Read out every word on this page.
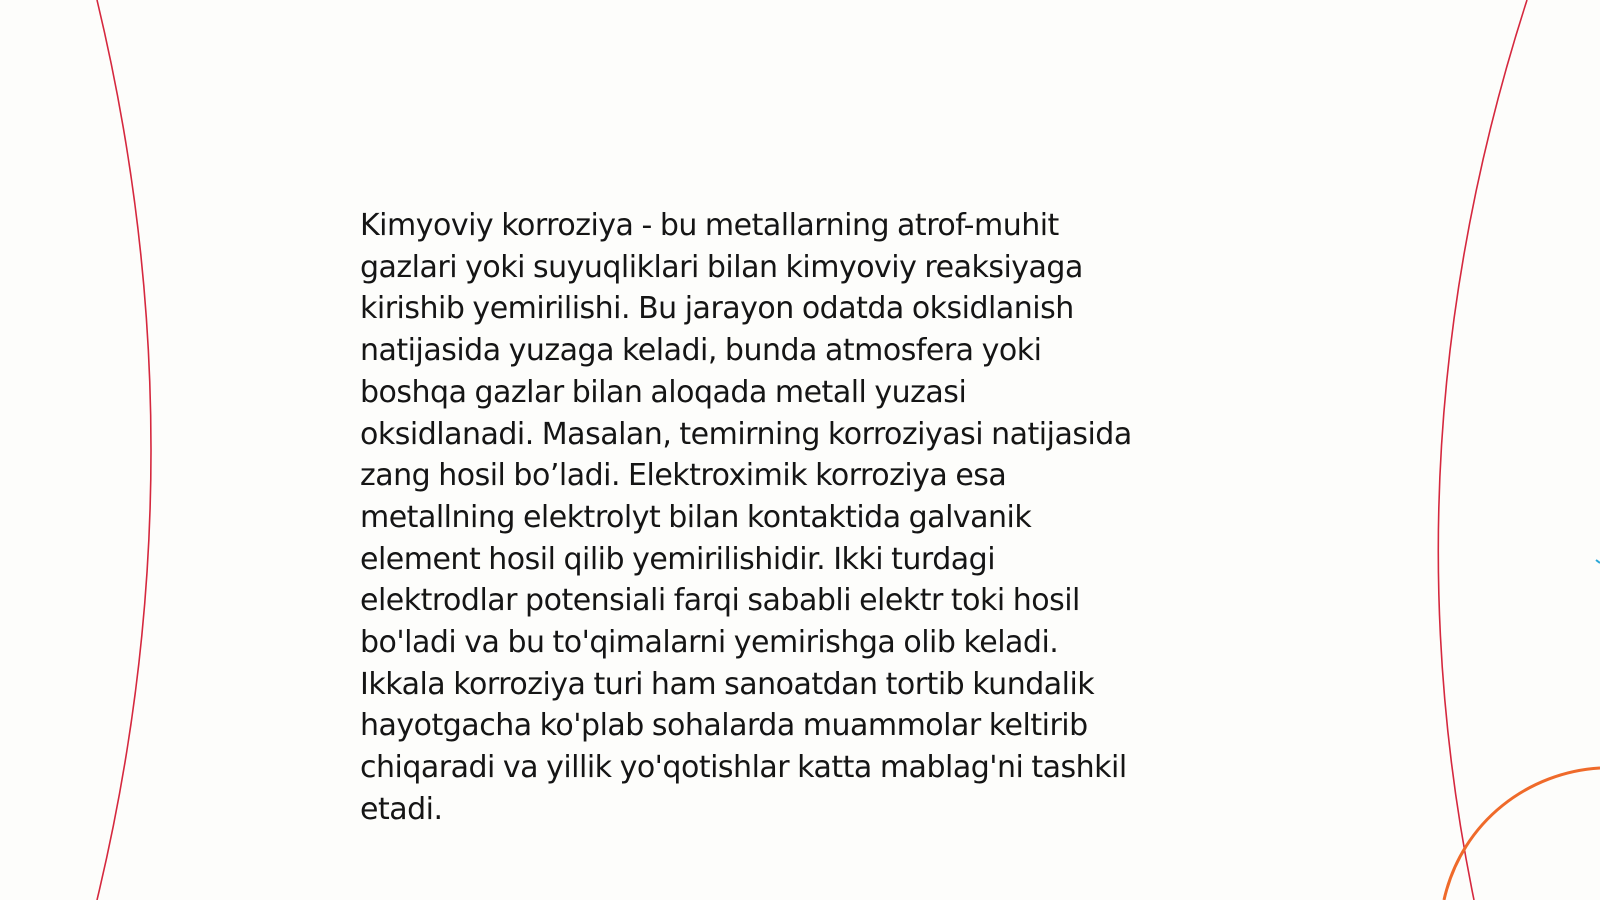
Kimyoviy korroziya - bu metallarning atrof-muhit
gazlari yoki suyuqliklari bilan kimyoviy reaksiyaga
kirishib yemirilishi. Bu jarayon odatda oksidlanish
natijasida yuzaga keladi, bunda atmosfera yoki
boshqa gazlar bilan aloqada metall yuzasi
oksidlanadi. Masalan, temirning korroziyasi natijasida
zang hosil bo’ladi. Elektroximik korroziya esa
metallning elektrolyt bilan kontaktida galvanik
element hosil qilib yemirilishidir. Ikki turdagi
elektrodlar potensiali farqi sababli elektr toki hosil
bo'ladi va bu to'qimalarni yemirishga olib keladi.
Ikkala korroziya turi ham sanoatdan tortib kundalik
hayotgacha ko'plab sohalarda muammolar keltirib
chiqaradi va yillik yo'qotishlar katta mablag'ni tashkil
etadi.
